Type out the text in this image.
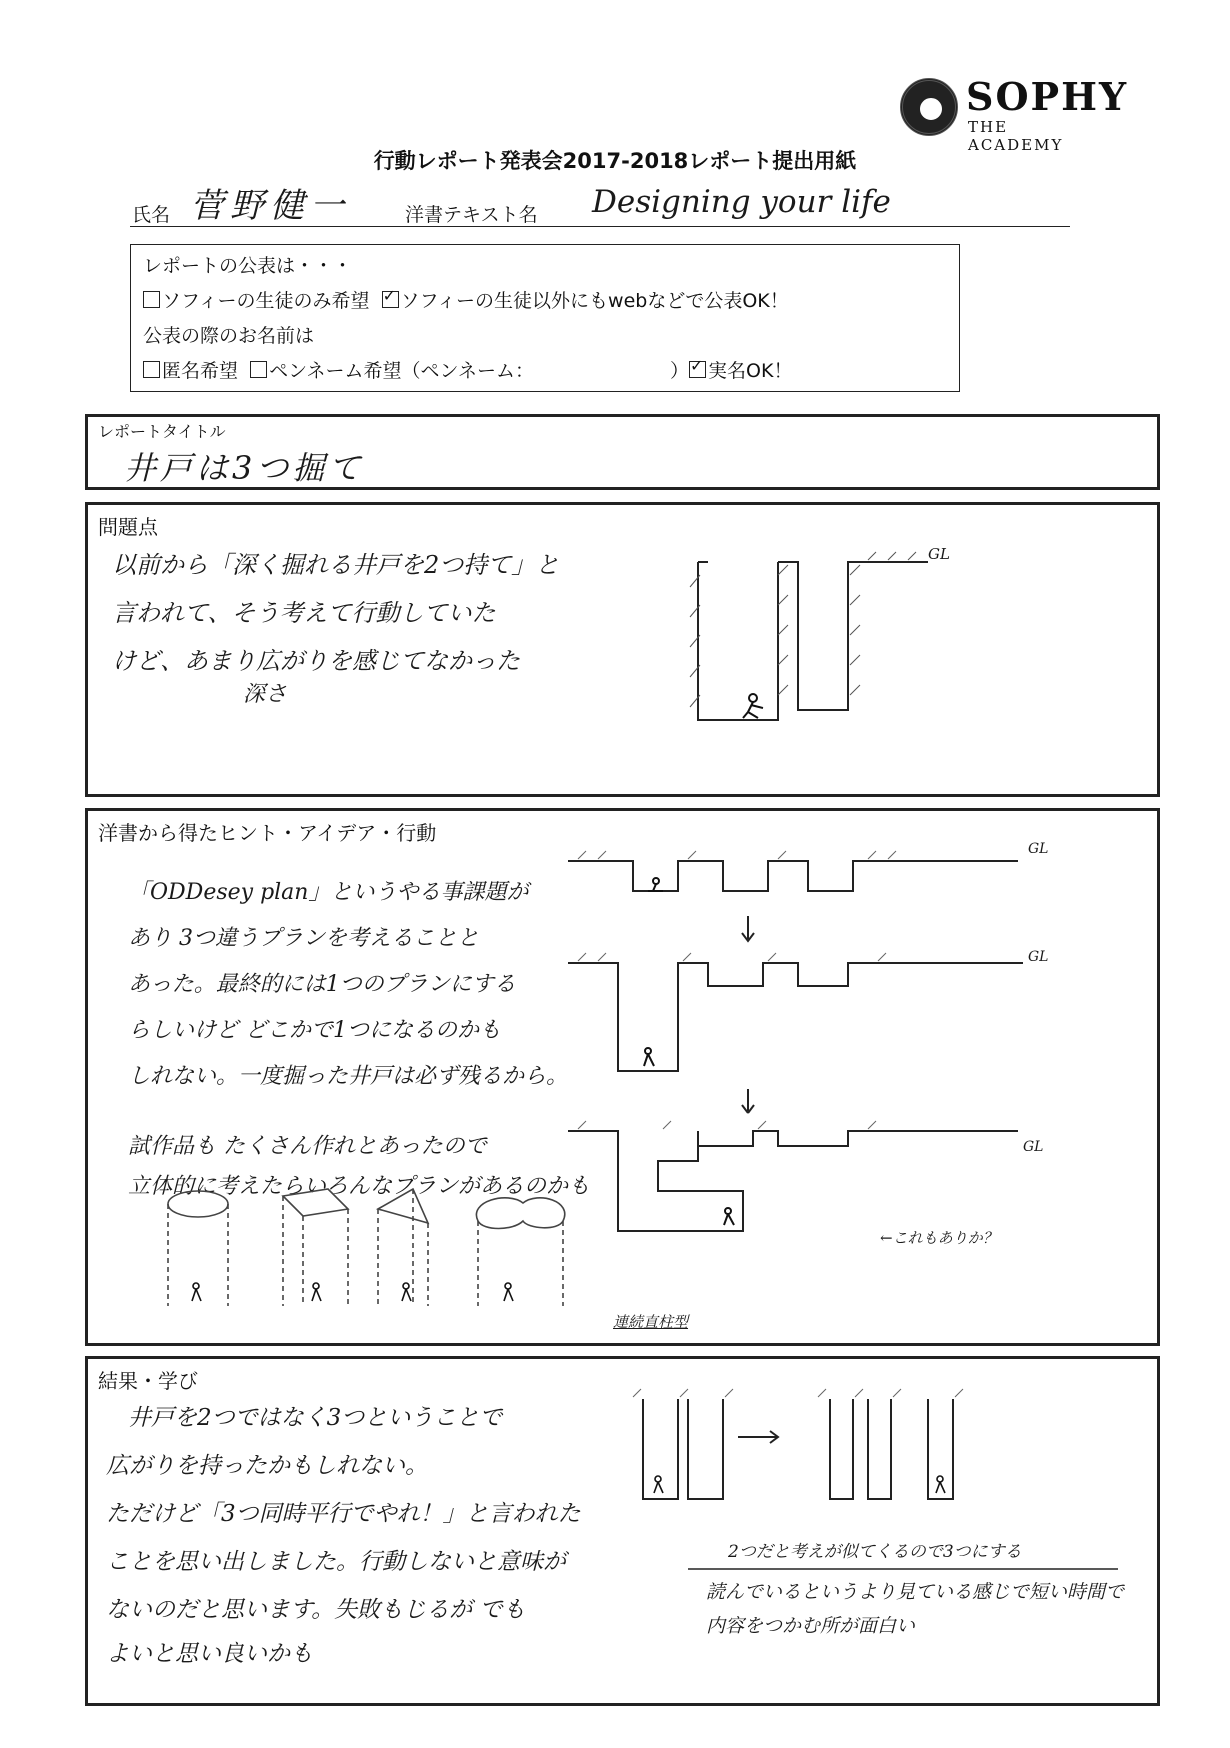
SOPHY
THE ACADEMY
行動レポート発表会2017-2018レポート提出用紙
氏名 菅野健一	洋書テキスト名 Designing your life
レポートの公表は・・・
ソフィーの生徒のみ希望 ✓ ソフィーの生徒以外にもwebなどで公表OK！
公表の際のお名前は
匿名希望 ペンネーム希望（ペンネーム：	） ✓ 実名OK！
レポートタイトル
井戸は3つ掘て
問題点
以前から「深く掘れる井戸を2つ持て」と
言われて、そう考えて行動していた
けど、あまり広がりを感じてなかった
深さ
GL
洋書から得たヒント・アイデア・行動
「ODDesey plan」というやる事課題が
あり 3つ違うプランを考えることと
あった。最終的には1つのプランにする
らしいけど どこかで1つになるのかも
しれない。一度掘った井戸は必ず残るから。
試作品も たくさん作れとあったので
立体的に考えたらいろんなプランがあるのかも
GL
GL
GL
←これもありか？
連続直柱型
結果・学び
井戸を2つではなく3つということで
広がりを持ったかもしれない。
ただけど「3つ同時平行でやれ！」と言われた
ことを思い出しました。行動しないと意味が
ないのだと思います。失敗もじるが でも
よいと思い良いかも
2つだと考えが似てくるので3つにする
読んでいるというより見ている感じで短い時間で
内容をつかむ所が面白い
